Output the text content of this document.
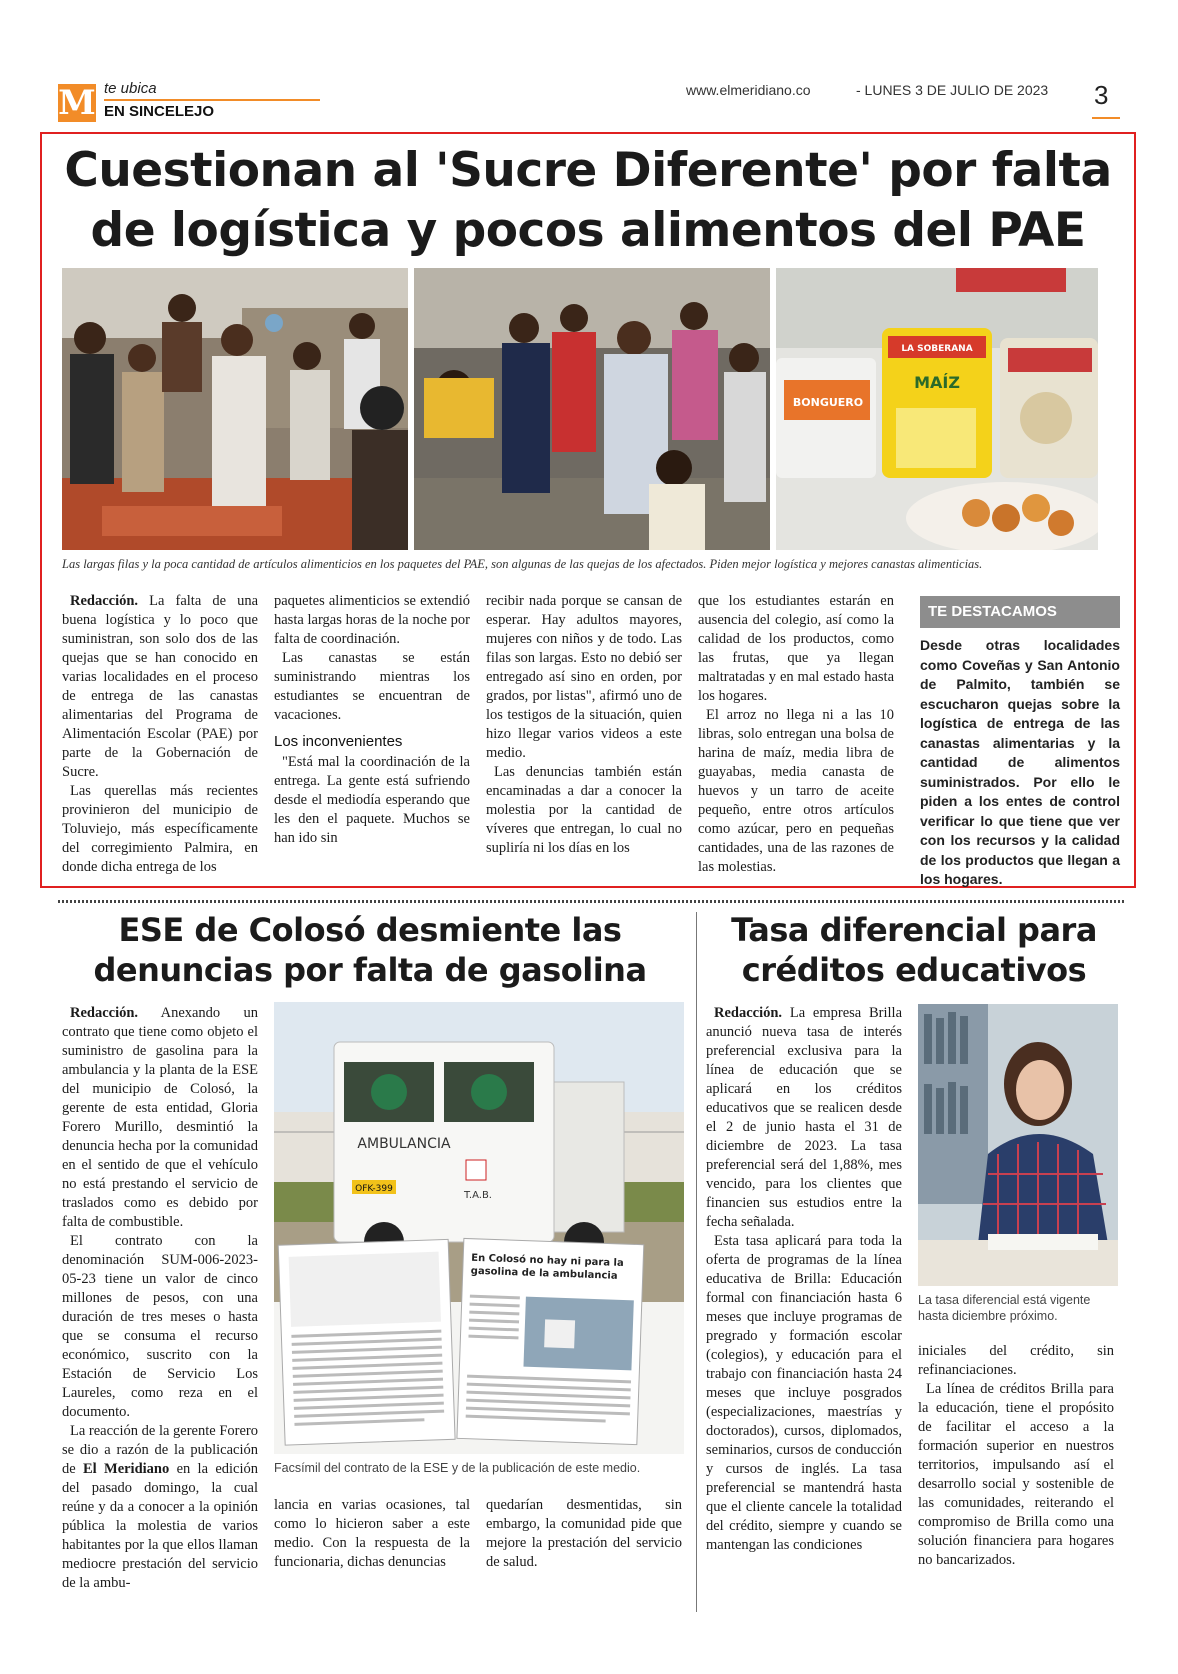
M te ubica
EN SINCELEJO
www.elmeridiano.co	- LUNES 3 DE JULIO DE 2023 3
Cuestionan al 'Sucre Diferente' por falta
de logística y pocos alimentos del PAE
BONGUERO
LA SOBERANA
MAÍZ
Las largas filas y la poca cantidad de artículos alimenticios en los paquetes del PAE, son algunas de las quejas de los afectados. Piden mejor logística y mejores canastas alimenticias.

Redacción. La falta de una buena logística y lo poco que suministran, son solo dos de las quejas que se han conocido en varias localidades en el proceso de entrega de las canastas alimentarias del Programa de Alimentación Escolar (PAE) por parte de la Gobernación de Sucre.

Las querellas más recientes provinieron del municipio de Toluviejo, más específicamente del corregimiento Palmira, en donde dicha entrega de los

paquetes alimenticios se extendió hasta largas horas de la noche por falta de coordinación.

Las canastas se están suministrando mientras los estudiantes se encuentran de vacaciones.

Los inconvenientes

"Está mal la coordinación de la entrega. La gente está sufriendo desde el mediodía esperando que les den el paquete. Muchos se han ido sin

recibir nada porque se cansan de esperar. Hay adultos mayores, mujeres con niños y de todo. Las filas son largas. Esto no debió ser entregado así sino en orden, por grados, por listas", afirmó uno de los testigos de la situación, quien hizo llegar varios videos a este medio.

Las denuncias también están encaminadas a dar a conocer la molestia por la cantidad de víveres que entregan, lo cual no supliría ni los días en los

que los estudiantes estarán en ausencia del colegio, así como la calidad de los productos, como las frutas, que ya llegan maltratadas y en mal estado hasta los hogares.

El arroz no llega ni a las 10 libras, solo entregan una bolsa de harina de maíz, media libra de guayabas, media canasta de huevos y un tarro de aceite pequeño, entre otros artículos como azúcar, pero en pequeñas cantidades, una de las razones de las molestias.

TE DESTACAMOS
Desde otras localidades como Coveñas y San Antonio de Palmito, también se escucharon quejas sobre la logística de entrega de las canastas alimentarias y la cantidad de alimentos suministrados. Por ello le piden a los entes de control verificar lo que tiene que ver con los recursos y la calidad de los productos que llegan a los hogares.
ESE de Colosó desmiente las
denuncias por falta de gasolina

Redacción. Anexando un contrato que tiene como objeto el suministro de gasolina para la ambulancia y la planta de la ESE del municipio de Colosó, la gerente de esta entidad, Gloria Forero Murillo, desmintió la denuncia hecha por la comunidad en el sentido de que el vehículo no está prestando el servicio de traslados como es debido por falta de combustible.

El contrato con la denominación SUM-006-2023-05-23 tiene un valor de cinco millones de pesos, con una duración de tres meses o hasta que se consuma el recurso económico, suscrito con la Estación de Servicio Los Laureles, como reza en el documento.

La reacción de la gerente Forero se dio a razón de la publicación de El Meridiano en la edición del pasado domingo, la cual reúne y da a conocer a la opinión pública la molestia de varios habitantes por la que ellos llaman mediocre prestación del servicio de la ambu-

AMBULANCIA
OFK-399
T.A.B.
En Colosó no hay ni para la gasolina de la ambulancia
Facsímil del contrato de la ESE y de la publicación de este medio.

lancia en varias ocasiones, tal como lo hicieron saber a este medio. Con la respuesta de la funcionaria, dichas denuncias

quedarían desmentidas, sin embargo, la comunidad pide que mejore la prestación del servicio de salud.

Tasa diferencial para
créditos educativos

Redacción. La empresa Brilla anunció nueva tasa de interés preferencial exclusiva para la línea de educación que se aplicará en los créditos educativos que se realicen desde el 2 de junio hasta el 31 de diciembre de 2023. La tasa preferencial será del 1,88%, mes vencido, para los clientes que financien sus estudios entre la fecha señalada.

Esta tasa aplicará para toda la oferta de programas de la línea educativa de Brilla: Educación formal con financiación hasta 6 meses que incluye programas de pregrado y formación escolar (colegios), y educación para el trabajo con financiación hasta 24 meses que incluye posgrados (especializaciones, maestrías y doctorados), cursos, diplomados, seminarios, cursos de conducción y cursos de inglés. La tasa preferencial se mantendrá hasta que el cliente cancele la totalidad del crédito, siempre y cuando se mantengan las condiciones

La tasa diferencial está vigente hasta diciembre próximo.

iniciales del crédito, sin refinanciaciones.

La línea de créditos Brilla para la educación, tiene el propósito de facilitar el acceso a la formación superior en nuestros territorios, impulsando así el desarrollo social y sostenible de las comunidades, reiterando el compromiso de Brilla como una solución financiera para hogares no bancarizados.
